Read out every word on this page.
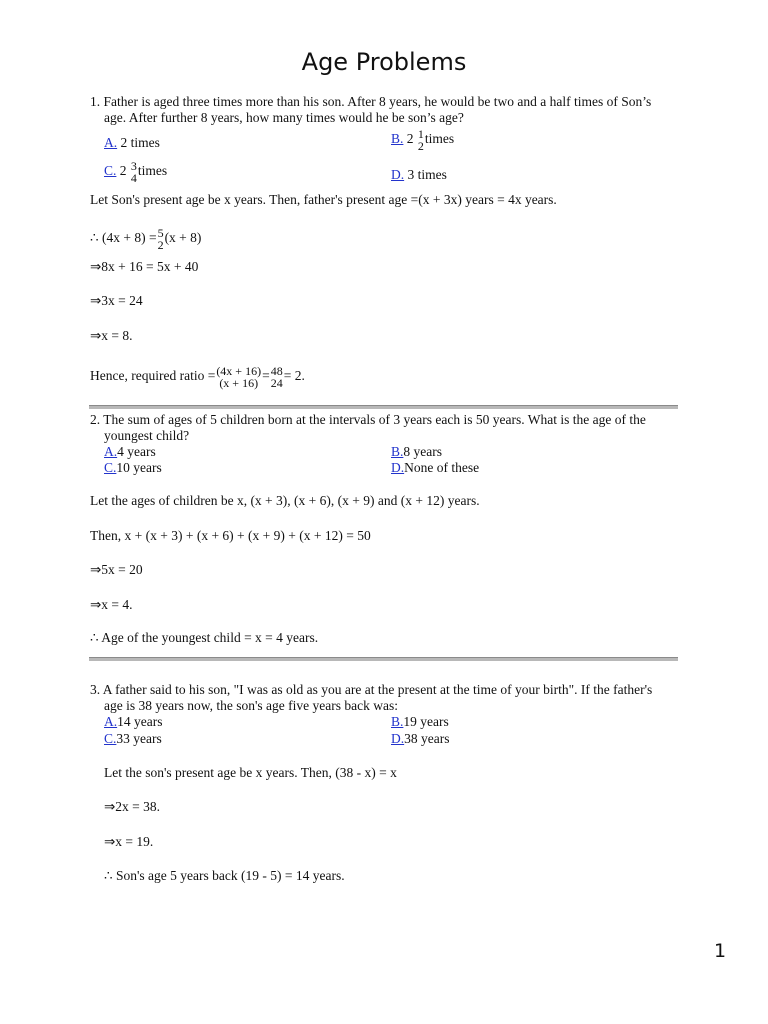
Age Problems
1. Father is aged three times more than his son. After 8 years, he would be two and a half times of Son’s
age. After further 8 years, how many times would he be son’s age?
A. 2 times	B. 2 1
2 times
C. 2 3
4 times	D. 3 times
Let Son's present age be x years. Then, father's present age =(x + 3x) years = 4x years.
∴ (4x + 8) = 5
2 (x + 8)
⇒8x + 16 = 5x + 40
⇒3x = 24
⇒x = 8.
Hence, required ratio = (4x + 16)
(x + 16) = 48
24 = 2.
2. The sum of ages of 5 children born at the intervals of 3 years each is 50 years. What is the age of the
youngest child?
A.4 years	B.8 years
C.10 years	D.None of these
Let the ages of children be x, (x + 3), (x + 6), (x + 9) and (x + 12) years.
Then, x + (x + 3) + (x + 6) + (x + 9) + (x + 12) = 50
⇒5x = 20
⇒x = 4.
∴ Age of the youngest child = x = 4 years.
3. A father said to his son, "I was as old as you are at the present at the time of your birth". If the father's
age is 38 years now, the son's age five years back was:
A.14 years	B.19 years
C.33 years	D.38 years
Let the son's present age be x years. Then, (38 - x) = x
⇒2x = 38.
⇒x = 19.
∴ Son's age 5 years back (19 - 5) = 14 years.
1
